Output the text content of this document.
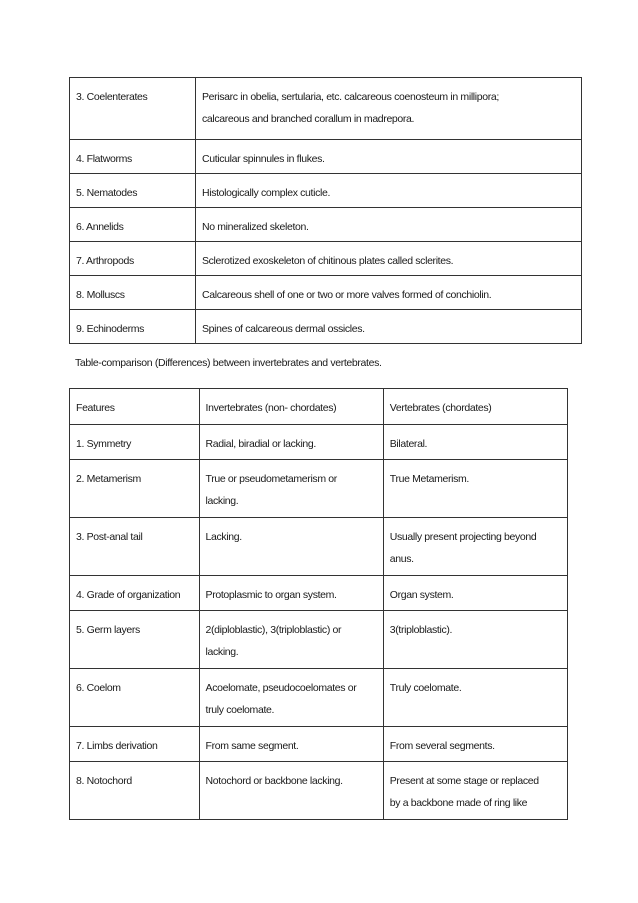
3. Coelenterates	Perisarc in obelia, sertularia, etc. calcareous coenosteum in millipora;
calcareous and branched corallum in madrepora.

4. Flatworms	Cuticular spinnules in flukes.

5. Nematodes	Histologically complex cuticle.

6. Annelids	No mineralized skeleton.

7. Arthropods	Sclerotized exoskeleton of chitinous plates called sclerites.

8. Molluscs	Calcareous shell of one or two or more valves formed of conchiolin.

9. Echinoderms	Spines of calcareous dermal ossicles.
Table-comparison (Differences) between invertebrates and vertebrates.
Features	Invertebrates (non- chordates)	Vertebrates (chordates)

1. Symmetry	Radial, biradial or lacking.	Bilateral.

2. Metamerism	True or pseudometamerism or
lacking.	True Metamerism.

3. Post-anal tail	Lacking.	Usually present projecting beyond
anus.

4. Grade of organization	Protoplasmic to organ system.	Organ system.

5. Germ layers	2(diploblastic), 3(triploblastic) or
lacking.	3(triploblastic).

6. Coelom	Acoelomate, pseudocoelomates or
truly coelomate.	Truly coelomate.

7. Limbs derivation	From same segment.	From several segments.

8. Notochord	Notochord or backbone lacking.	Present at some stage or replaced
by a backbone made of ring like
